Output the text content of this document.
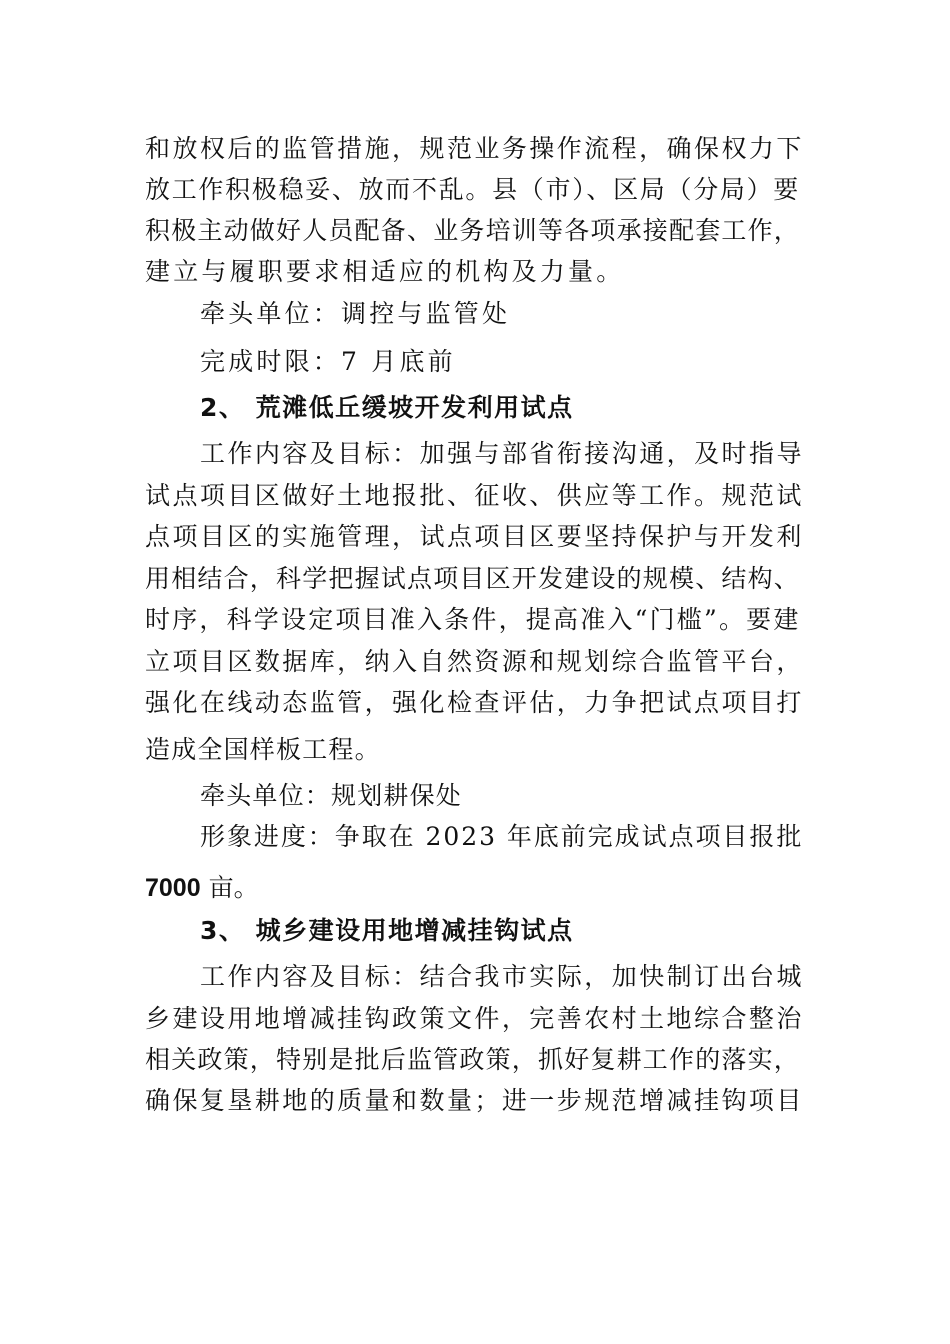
和放权后的监管措施，规范业务操作流程，确保权力下
放工作积极稳妥、放而不乱。县（市）、区局（分局）要
积极主动做好人员配备、业务培训等各项承接配套工作，
建立与履职要求相适应的机构及力量。
牵头单位：调控与监管处
完成时限：7 月底前
2、 荒滩低丘缓坡开发利用试点
工作内容及目标：加强与部省衔接沟通，及时指导
试点项目区做好土地报批、征收、供应等工作。规范试
点项目区的实施管理，试点项目区要坚持保护与开发利
用相结合，科学把握试点项目区开发建设的规模、结构、
时序，科学设定项目准入条件，提高准入“门槛”。要建
立项目区数据库，纳入自然资源和规划综合监管平台，
强化在线动态监管，强化检查评估，力争把试点项目打
造成全国样板工程。
牵头单位：规划耕保处
形象进度：争取在 2023 年底前完成试点项目报批
7000 亩。
3、 城乡建设用地增减挂钩试点
工作内容及目标：结合我市实际，加快制订出台城
乡建设用地增减挂钩政策文件，完善农村土地综合整治
相关政策，特别是批后监管政策，抓好复耕工作的落实，
确保复垦耕地的质量和数量；进一步规范增减挂钩项目
